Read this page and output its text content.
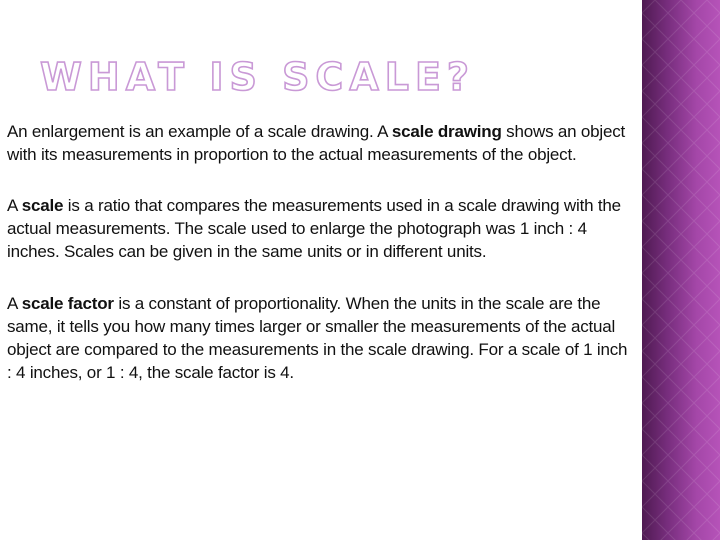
WHAT IS SCALE?

An enlargement is an example of a scale drawing. A scale drawing shows an object with its measurements in proportion to the actual measurements of the object.

A scale is a ratio that compares the measurements used in a scale drawing with the actual measurements. The scale used to enlarge the photograph was 1 inch : 4 inches. Scales can be given in the same units or in different units.

A scale factor is a constant of proportionality. When the units in the scale are the same, it tells you how many times larger or smaller the measurements of the actual object are compared to the measurements in the scale drawing. For a scale of 1 inch : 4 inches, or 1 : 4, the scale factor is 4.
